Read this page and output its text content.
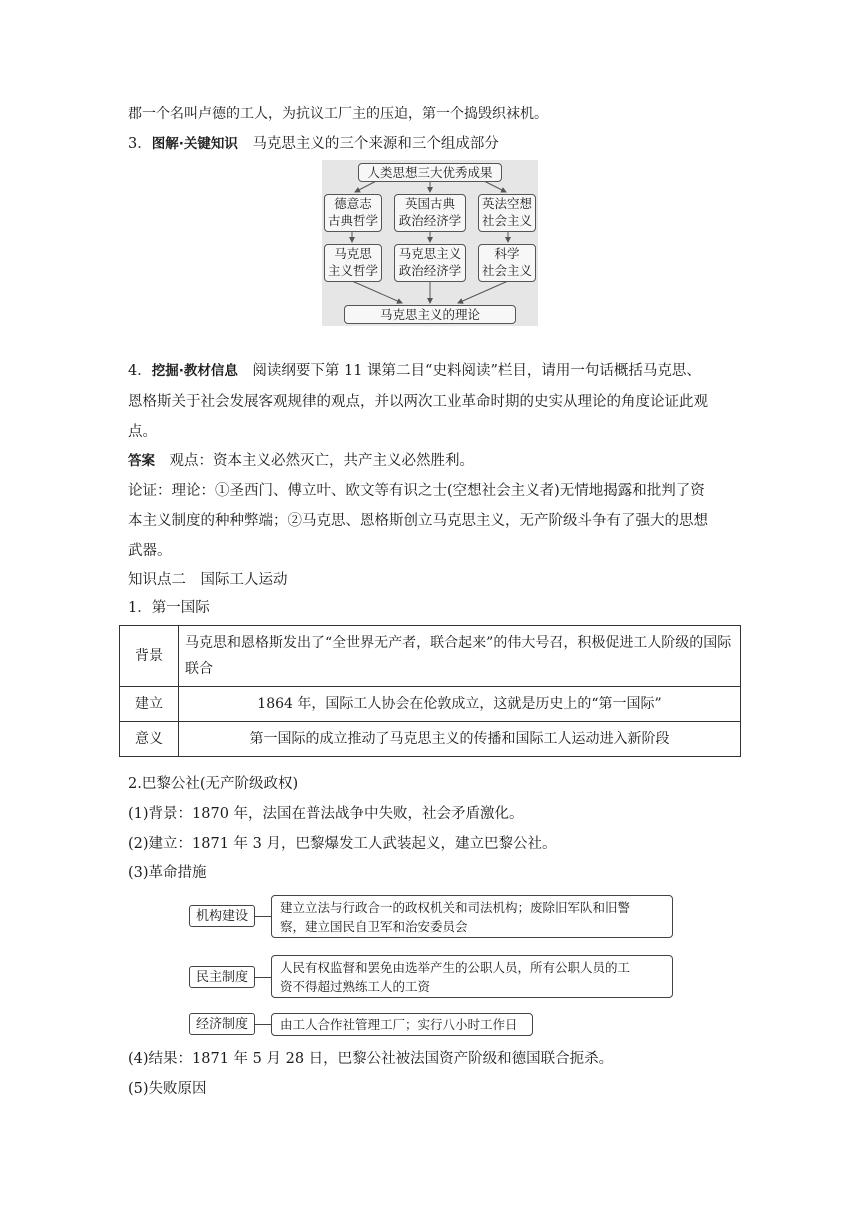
郡一个名叫卢德的工人，为抗议工厂主的压迫，第一个捣毁织袜机。
3．图解·关键知识　 马克思主义的三个来源和三个组成部分
人类思想三大优秀成果
德意志
古典哲学
英国古典
政治经济学
英法空想
社会主义
马克思
主义哲学
马克思主义
政治经济学
科学
社会主义
马克思主义的理论
4．挖掘·教材信息　 阅读纲要下第 11 课第二目“史料阅读”栏目，请用一句话概括马克思、
恩格斯关于社会发展客观规律的观点，并以两次工业革命时期的史实从理论的角度论证此观
点。
答案　 观点：资本主义必然灭亡，共产主义必然胜利。
论证：理论：①圣西门、傅立叶、欧文等有识之士(空想社会主义者)无情地揭露和批判了资
本主义制度的种种弊端；②马克思、恩格斯创立马克思主义，无产阶级斗争有了强大的思想
武器。
知识点二　国际工人运动
1．第一国际
背景	马克思和恩格斯发出了“全世界无产者，联合起来”的伟大号召，积极促进工人阶级的国际联合
建立	1864 年，国际工人协会在伦敦成立，这就是历史上的“第一国际”
意义	第一国际的成立推动了马克思主义的传播和国际工人运动进入新阶段
2.巴黎公社(无产阶级政权)
(1)背景：1870 年，法国在普法战争中失败，社会矛盾激化。
(2)建立：1871 年 3 月，巴黎爆发工人武装起义，建立巴黎公社。
(3)革命措施
机构建设
建立立法与行政合一的政权机关和司法机构；废除旧军队和旧警
察，建立国民自卫军和治安委员会
民主制度
人民有权监督和罢免由选举产生的公职人员，所有公职人员的工
资不得超过熟练工人的工资
经济制度	由工人合作社管理工厂；实行八小时工作日
(4)结果：1871 年 5 月 28 日，巴黎公社被法国资产阶级和德国联合扼杀。
(5)失败原因
